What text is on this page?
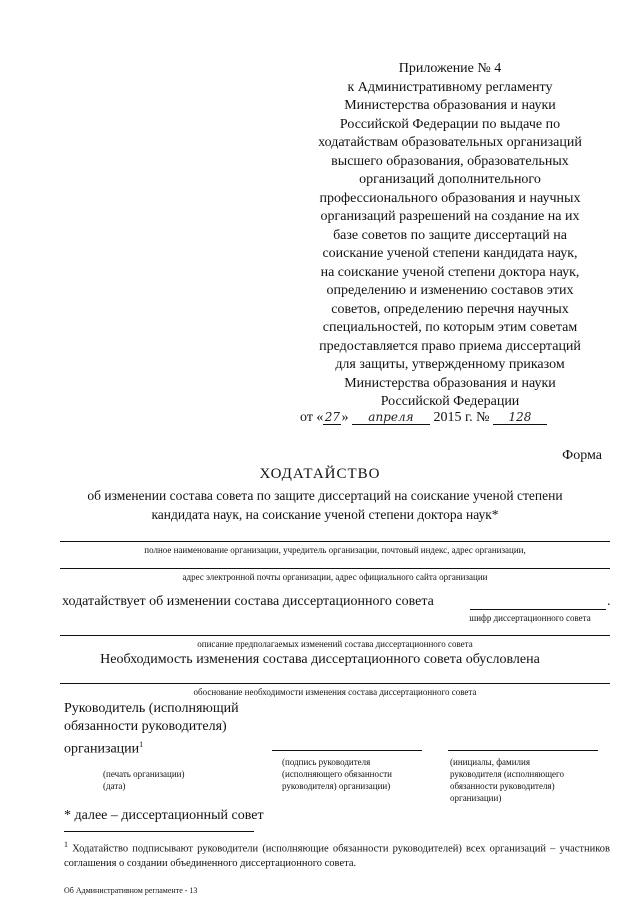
Приложение № 4
к Административному регламенту
Министерства образования и науки
Российской Федерации по выдаче по
ходатайствам образовательных организаций
высшего образования, образовательных
организаций дополнительного
профессионального образования и научных
организаций разрешений на создание на их
базе советов по защите диссертаций на
соискание ученой степени кандидата наук,
на соискание ученой степени доктора наук,
определению и изменению составов этих
советов, определению перечня научных
специальностей, по которым этим советам
предоставляется право приема диссертаций
для защиты, утвержденному приказом
Министерства образования и науки
Российской Федерации
от «27» апреля 2015 г. № 128
Форма
ХОДАТАЙСТВО
об изменении состава совета по защите диссертаций на соискание ученой степени
кандидата наук, на соискание ученой степени доктора наук*
полное наименование организации, учредитель организации, почтовый индекс, адрес организации,
адрес электронной почты организации, адрес официального сайта организации
ходатайствует об изменении состава диссертационного совета	.
шифр диссертационного совета
описание предполагаемых изменений состава диссертационного совета
Необходимость изменения состава диссертационного совета обусловлена
обоснование необходимости изменения состава диссертационного совета
Руководитель (исполняющий
обязанности руководителя)
организации$^1$
(печать организации)
(дата)
(подпись руководителя
(исполняющего обязанности
руководителя) организации)
(инициалы, фамилия
руководителя (исполняющего
обязанности руководителя)
организации)
* далее – диссертационный совет
$^1$ Ходатайство подписывают руководители (исполняющие обязанности руководителей) всех организаций – участников соглашения о создании объединенного диссертационного совета.
Об Административном регламенте - 13
